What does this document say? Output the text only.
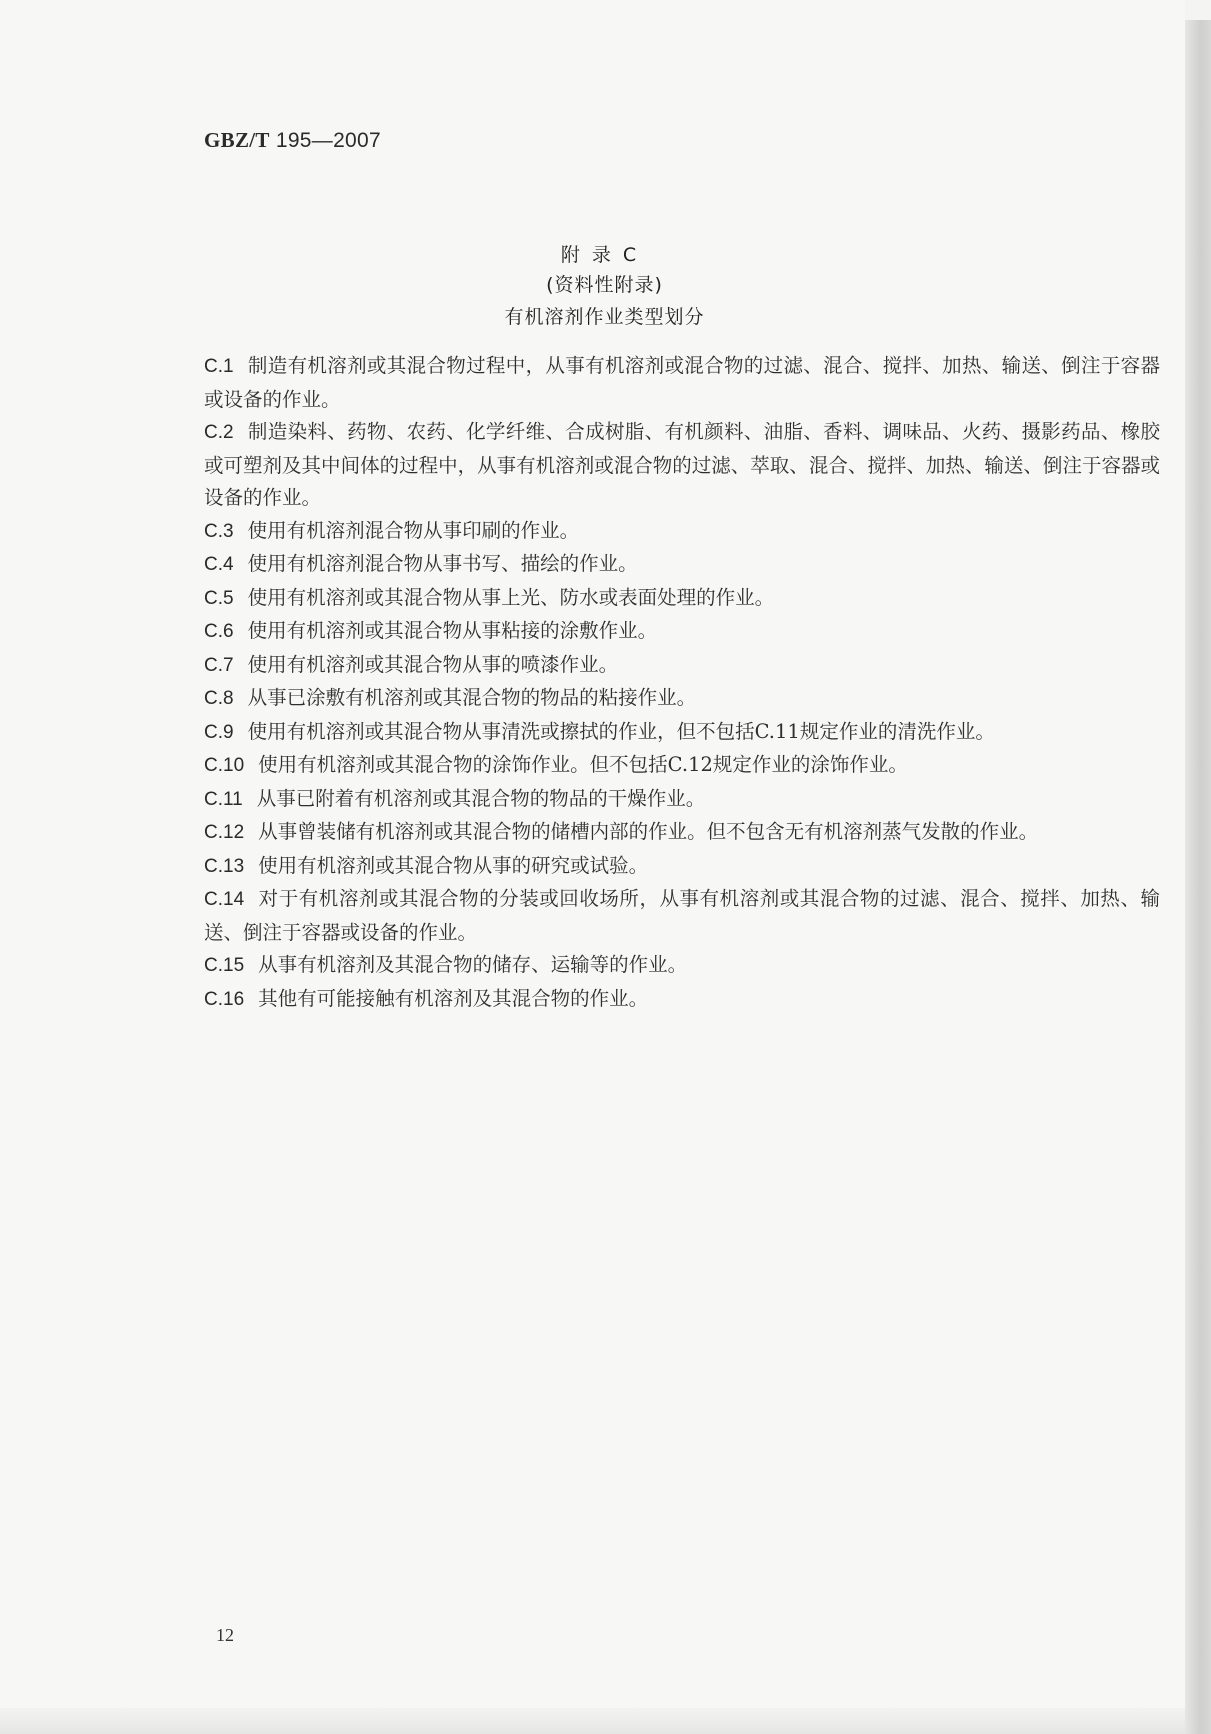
GBZ/T 195—2007
附录C
(资料性附录)
有机溶剂作业类型划分

C.1 制造有机溶剂或其混合物过程中，从事有机溶剂或混合物的过滤、混合、搅拌、加热、输送、倒注于容器或设备的作业。

C.2 制造染料、药物、农药、化学纤维、合成树脂、有机颜料、油脂、香料、调味品、火药、摄影药品、橡胶或可塑剂及其中间体的过程中，从事有机溶剂或混合物的过滤、萃取、混合、搅拌、加热、输送、倒注于容器或设备的作业。

C.3 使用有机溶剂混合物从事印刷的作业。

C.4 使用有机溶剂混合物从事书写、描绘的作业。

C.5 使用有机溶剂或其混合物从事上光、防水或表面处理的作业。

C.6 使用有机溶剂或其混合物从事粘接的涂敷作业。

C.7 使用有机溶剂或其混合物从事的喷漆作业。

C.8 从事已涂敷有机溶剂或其混合物的物品的粘接作业。

C.9 使用有机溶剂或其混合物从事清洗或擦拭的作业，但不包括C.11规定作业的清洗作业。

C.10 使用有机溶剂或其混合物的涂饰作业。但不包括C.12规定作业的涂饰作业。

C.11 从事已附着有机溶剂或其混合物的物品的干燥作业。

C.12 从事曾装储有机溶剂或其混合物的储槽内部的作业。但不包含无有机溶剂蒸气发散的作业。

C.13 使用有机溶剂或其混合物从事的研究或试验。

C.14 对于有机溶剂或其混合物的分装或回收场所，从事有机溶剂或其混合物的过滤、混合、搅拌、加热、输送、倒注于容器或设备的作业。

C.15 从事有机溶剂及其混合物的储存、运输等的作业。

C.16 其他有可能接触有机溶剂及其混合物的作业。

12
